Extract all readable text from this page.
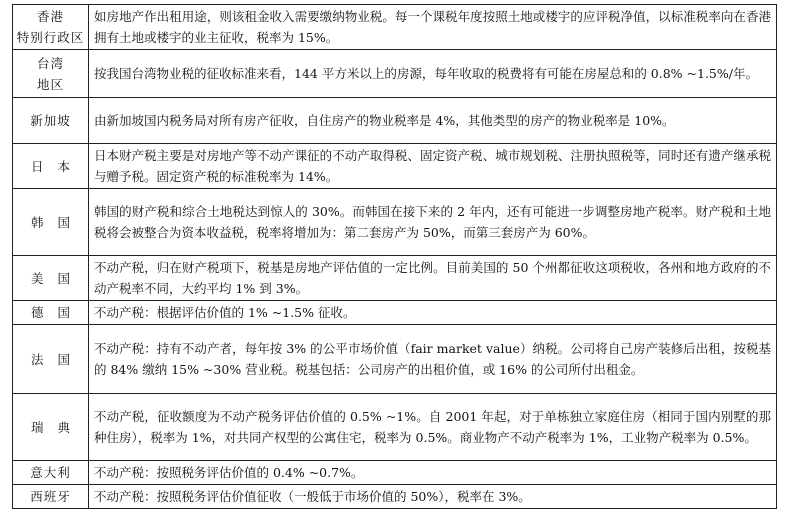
香港
特别行政区	如房地产作出租用途，则该租金收入需要缴纳物业税。每一个课税年度按照土地或楼宇的应评税净值，以标准税率向在香港拥有土地或楼宇的业主征收，税率为 15%。
台湾
地区	按我国台湾物业税的征收标准来看，144 平方米以上的房源，每年收取的税费将有可能在房屋总和的 0.8% ~1.5%/年。
新加坡	由新加坡国内税务局对所有房产征收，自住房产的物业税率是 4%，其他类型的房产的物业税率是 10%。
日本	日本财产税主要是对房地产等不动产课征的不动产取得税、固定资产税、城市规划税、注册执照税等，同时还有遗产继承税与赠予税。固定资产税的标准税率为 14%。
韩国	韩国的财产税和综合土地税达到惊人的 30%。而韩国在接下来的 2 年内，还有可能进一步调整房地产税率。财产税和土地税将会被整合为资本收益税，税率将增加为：第二套房产为 50%，而第三套房产为 60%。
美国	不动产税，归在财产税项下，税基是房地产评估值的一定比例。目前美国的 50 个州都征收这项税收，各州和地方政府的不动产税率不同，大约平均 1% 到 3%。
德国	不动产税：根据评估价值的 1% ~1.5% 征收。
法国	不动产税：持有不动产者，每年按 3% 的公平市场价值（fair market value）纳税。公司将自己房产装修后出租，按税基的 84% 缴纳 15% ~30% 营业税。税基包括：公司房产的出租价值，或 16% 的公司所付出租金。
瑞典	不动产税，征收额度为不动产税务评估价值的 0.5% ~1%。自 2001 年起，对于单栋独立家庭住房（相同于国内别墅的那种住房），税率为 1%，对共同产权型的公寓住宅，税率为 0.5%。商业物产不动产税率为 1%，工业物产税率为 0.5%。
意大利	不动产税：按照税务评估价值的 0.4% ~0.7%。
西班牙	不动产税：按照税务评估价值征收（一般低于市场价值的 50%），税率在 3%。
